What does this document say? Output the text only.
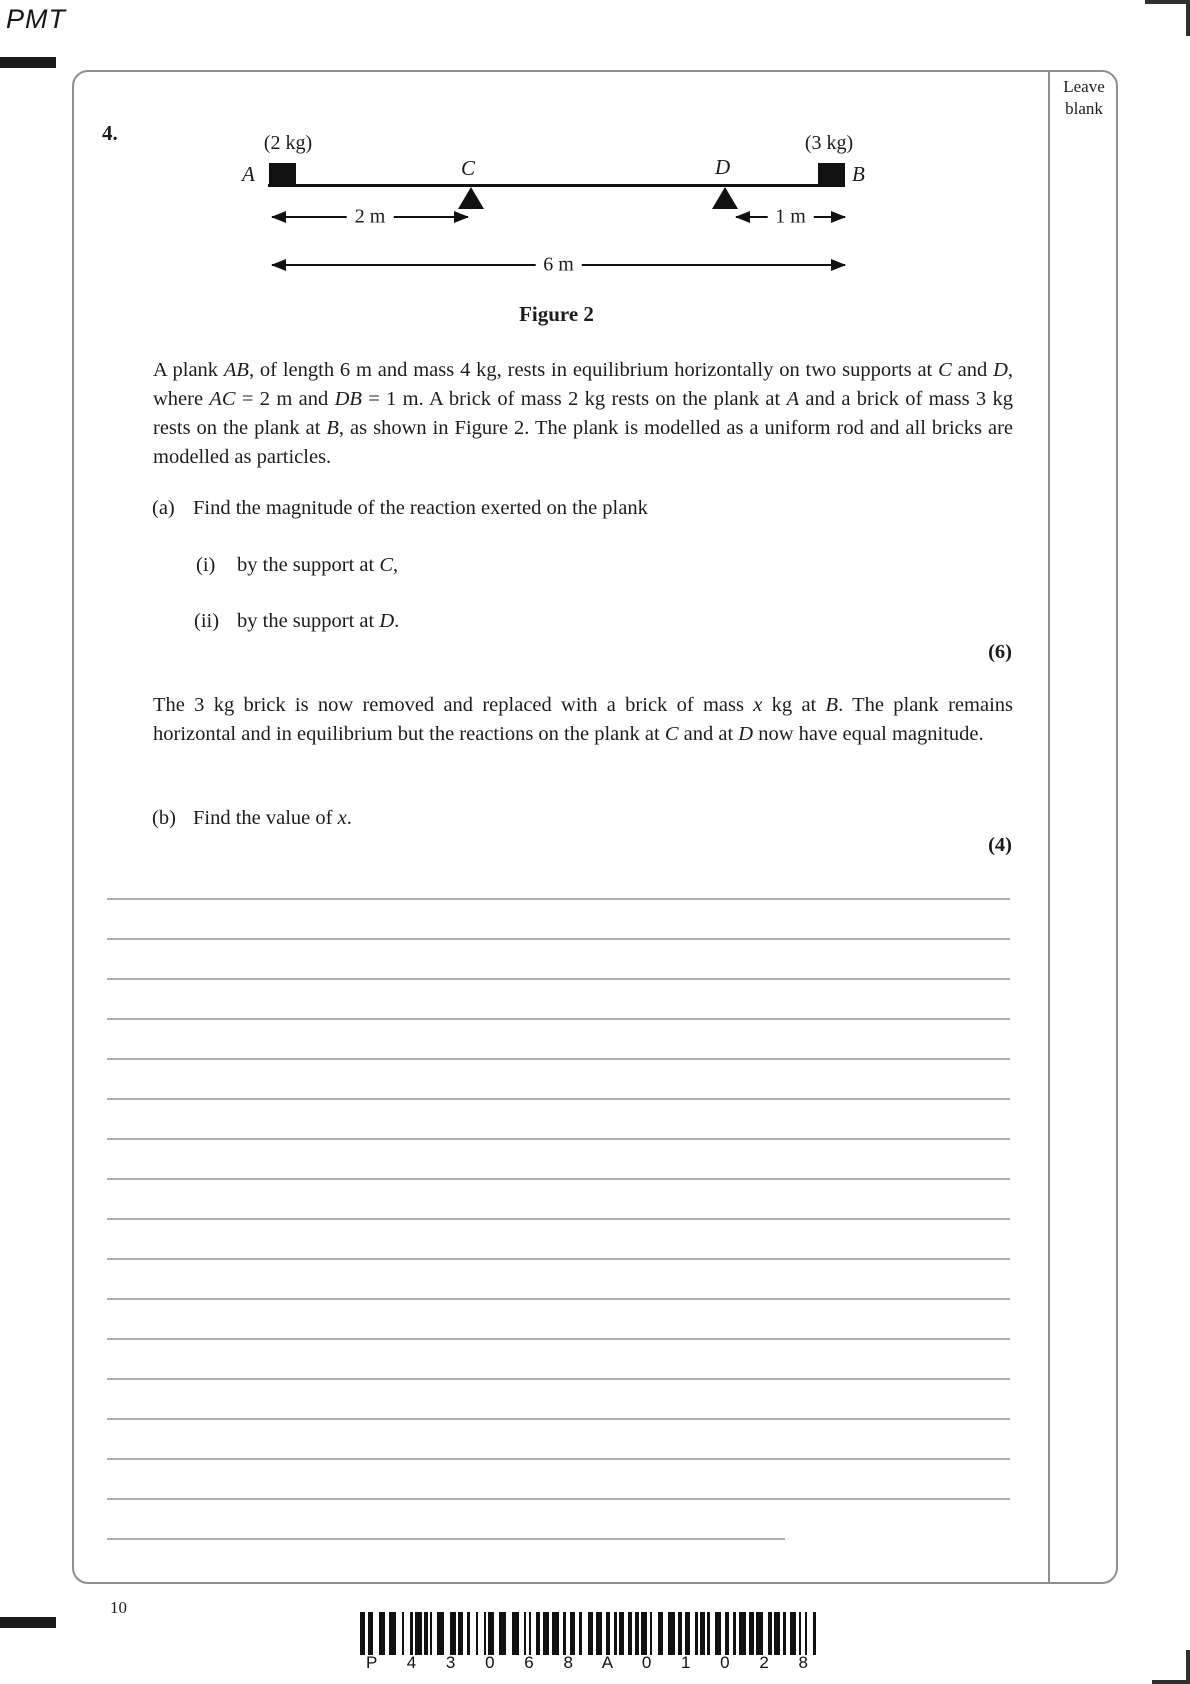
PMT
Leave blank
4.
A	B
C	D
(2 kg)	(3 kg)
2 m	1 m
6 m
Figure 2
A plank AB, of length 6 m and mass 4 kg, rests in equilibrium horizontally on two supports at C and D, where AC = 2 m and DB = 1 m. A brick of mass 2 kg rests on the plank at A and a brick of mass 3 kg rests on the plank at B, as shown in Figure 2. The plank is modelled as a uniform rod and all bricks are modelled as particles.
(a) Find the magnitude of the reaction exerted on the plank
(i) by the support at C,
(ii) by the support at D.
(6)
The 3 kg brick is now removed and replaced with a brick of mass x kg at B. The plank remains horizontal and in equilibrium but the reactions on the plank at C and at D now have equal magnitude.
(b) Find the value of x.
(4)
10
P 4 3 0 6 8 A 0 1 0 2 8
